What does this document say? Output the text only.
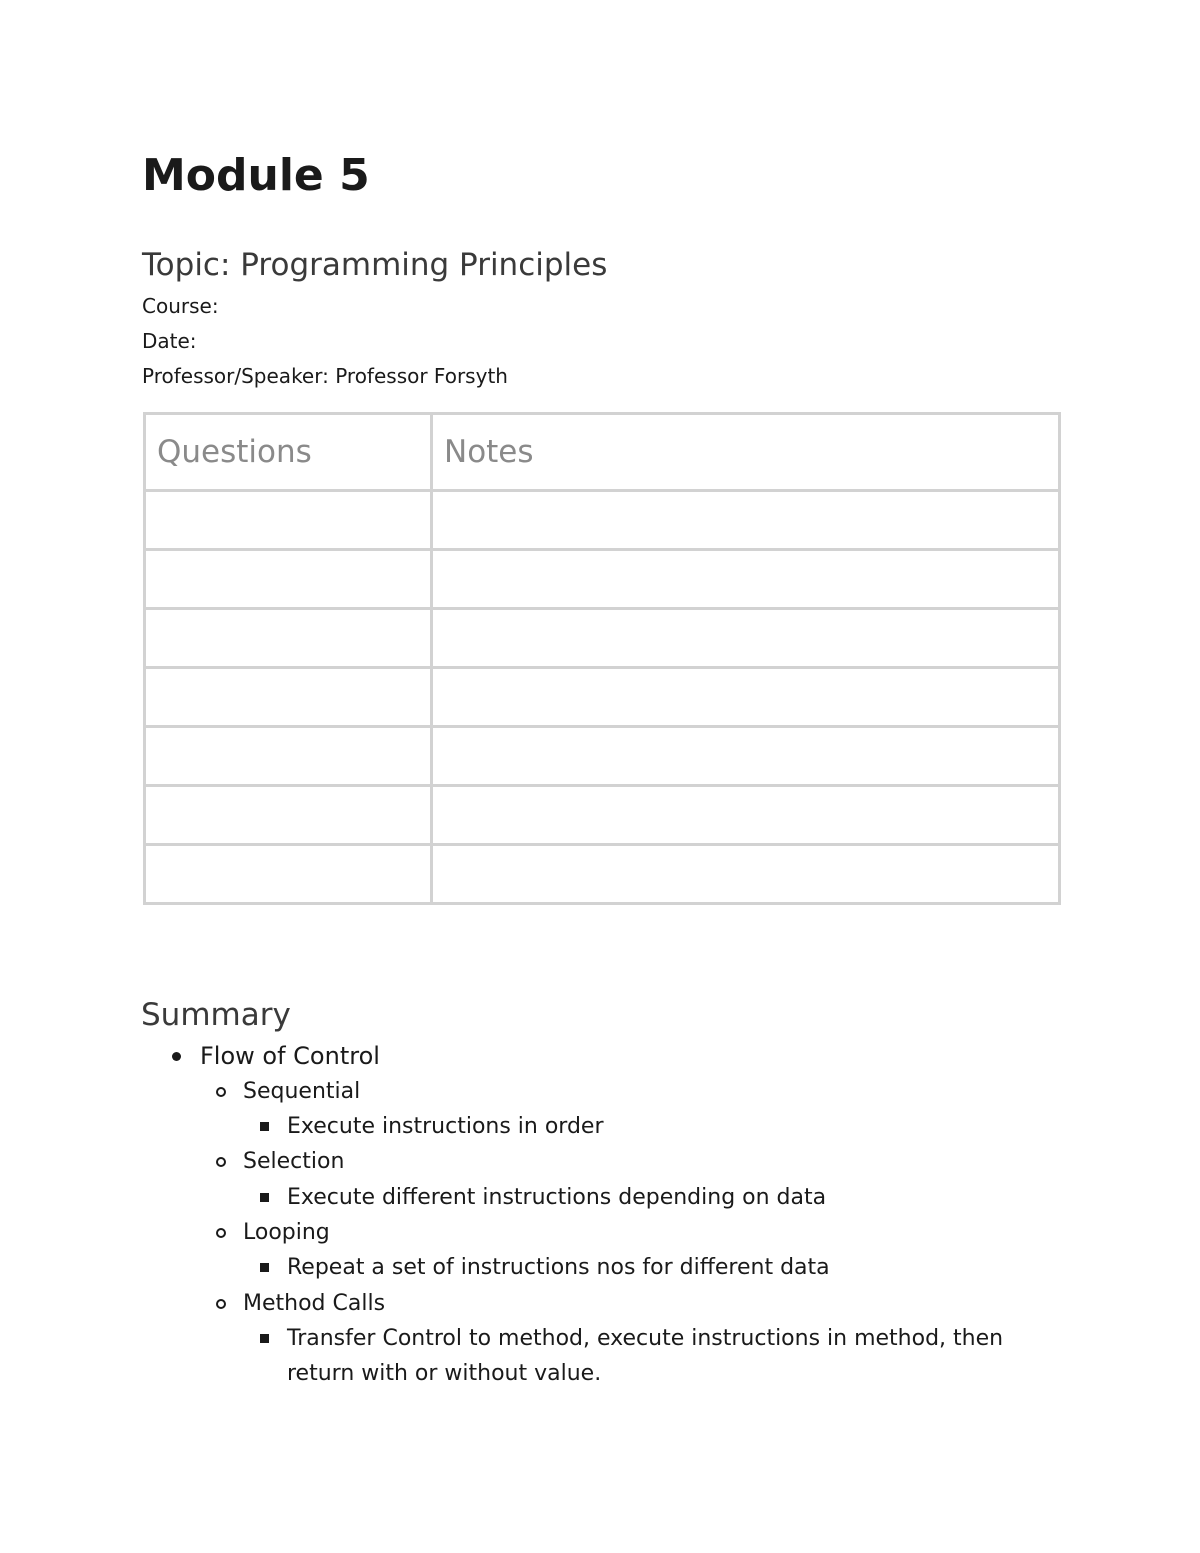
Module 5
Topic: Programming Principles

Course:

Date:

Professor/Speaker: Professor Forsyth

Questions	Notes

Summary
Flow of Control
Sequential
Execute instructions in order
Selection
Execute different instructions depending on data
Looping
Repeat a set of instructions nos for different data
Method Calls
Transfer Control to method, execute instructions in method, then return with or without value.
